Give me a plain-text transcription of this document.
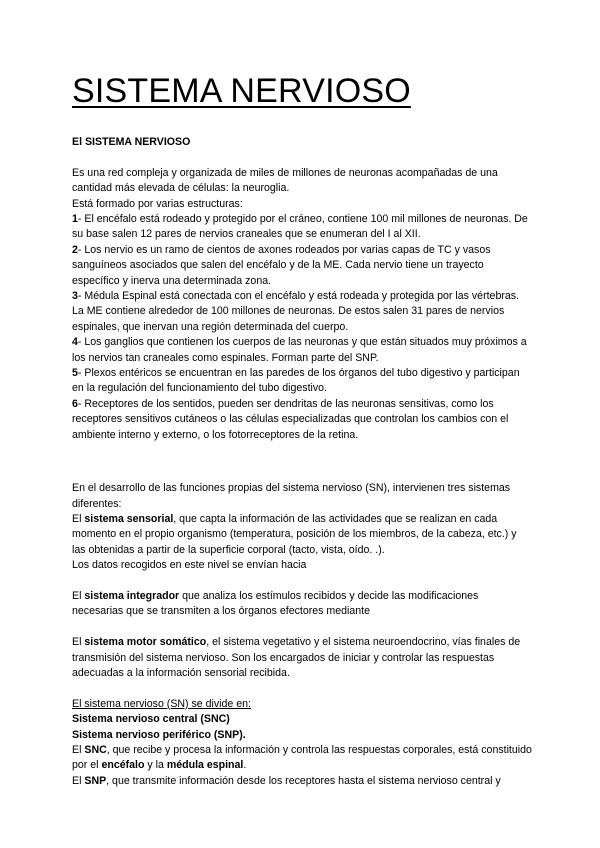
SISTEMA NERVIOSO

El SISTEMA NERVIOSO

Es una red compleja y organizada de miles de millones de neuronas acompañadas de una cantidad más elevada de células: la neuroglia.

Está formado por varias estructuras:

1- El encéfalo está rodeado y protegido por el cráneo, contiene 100 mil millones de neuronas. De su base salen 12 pares de nervios craneales que se enumeran del I al XII.

2- Los nervio es un ramo de cientos de axones rodeados por varias capas de TC y vasos sanguíneos asociados que salen del encéfalo y de la ME. Cada nervio tiene un trayecto específico y inerva una determinada zona.

3- Médula Espinal está conectada con el encéfalo y está rodeada y protegida por las vértebras. La ME contiene alrededor de 100 millones de neuronas. De estos salen 31 pares de nervios espinales, que inervan una región determinada del cuerpo.

4- Los ganglios que contienen los cuerpos de las neuronas y que están situados muy próximos a los nervios tan craneales como espinales. Forman parte del SNP.

5- Plexos entéricos se encuentran en las paredes de los órganos del tubo digestivo y participan en la regulación del funcionamiento del tubo digestivo.

6- Receptores de los sentidos, pueden ser dendritas de las neuronas sensitivas, como los receptores sensitivos cutáneos o las células especializadas que controlan los cambios con el ambiente interno y externo, o los fotorreceptores de la retina.

En el desarrollo de las funciones propias del sistema nervioso (SN), intervienen tres sistemas diferentes:

El sistema sensorial, que capta la información de las actividades que se realizan en cada momento en el propio organismo (temperatura, posición de los miembros, de la cabeza, etc.) y las obtenidas a partir de la superficie corporal (tacto, vista, oído. .).

Los datos recogidos en este nivel se envían hacia

El sistema integrador que analiza los estímulos recibidos y decide las modificaciones necesarias que se transmiten a los órganos efectores mediante

El sistema motor somático, el sistema vegetativo y el sistema neuroendocrino, vías finales de transmisión del sistema nervioso. Son los encargados de iniciar y controlar las respuestas adecuadas a la información sensorial recibida.

El sistema nervioso (SN) se divide en:

Sistema nervioso central (SNC)

Sistema nervioso periférico (SNP).

El SNC, que recibe y procesa la información y controla las respuestas corporales, está constituido por el encéfalo y la médula espinal.

El SNP, que transmite información desde los receptores hasta el sistema nervioso central y
